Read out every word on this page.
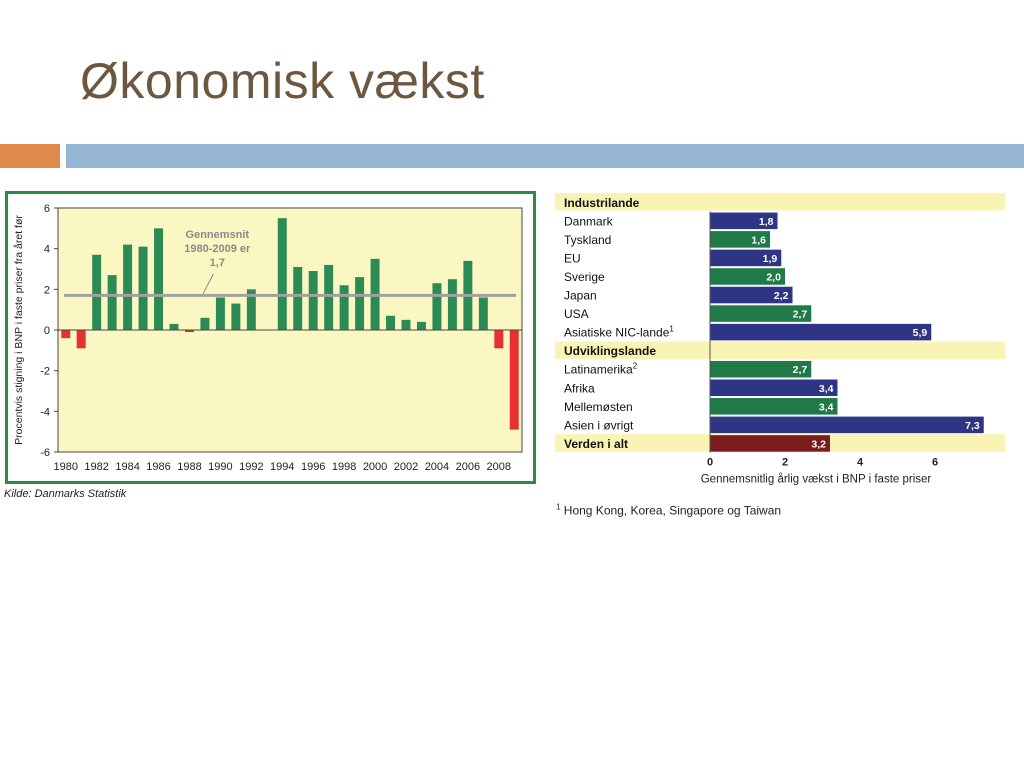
Økonomisk vækst
6
4
2
0
-2
-4
-6
Gennemsnit
1980-2009 er
1,7
1980 1982 1984 1986 1988 1990 1992 1994 1996 1998 2000 2002 2004 2006 2008
Procentvis stigning i BNP i faste priser fra året før
Kilde: Danmarks Statistik
Industrilande
Danmark	1,8
Tyskland	1,6
EU	1,9
Sverige	2,0
Japan	2,2
USA	2,7
Asiatiske NIC-lande$^1$	5,9
Udviklingslande
Latinamerika$^2$	2,7
Afrika	3,4
Mellemøsten	3,4
Asien i øvrigt	7,3
Verden i alt	3,2
0	2	4	6
Gennemsnitlig årlig vækst i BNP i faste priser
$^1$ Hong Kong, Korea, Singapore og Taiwan
